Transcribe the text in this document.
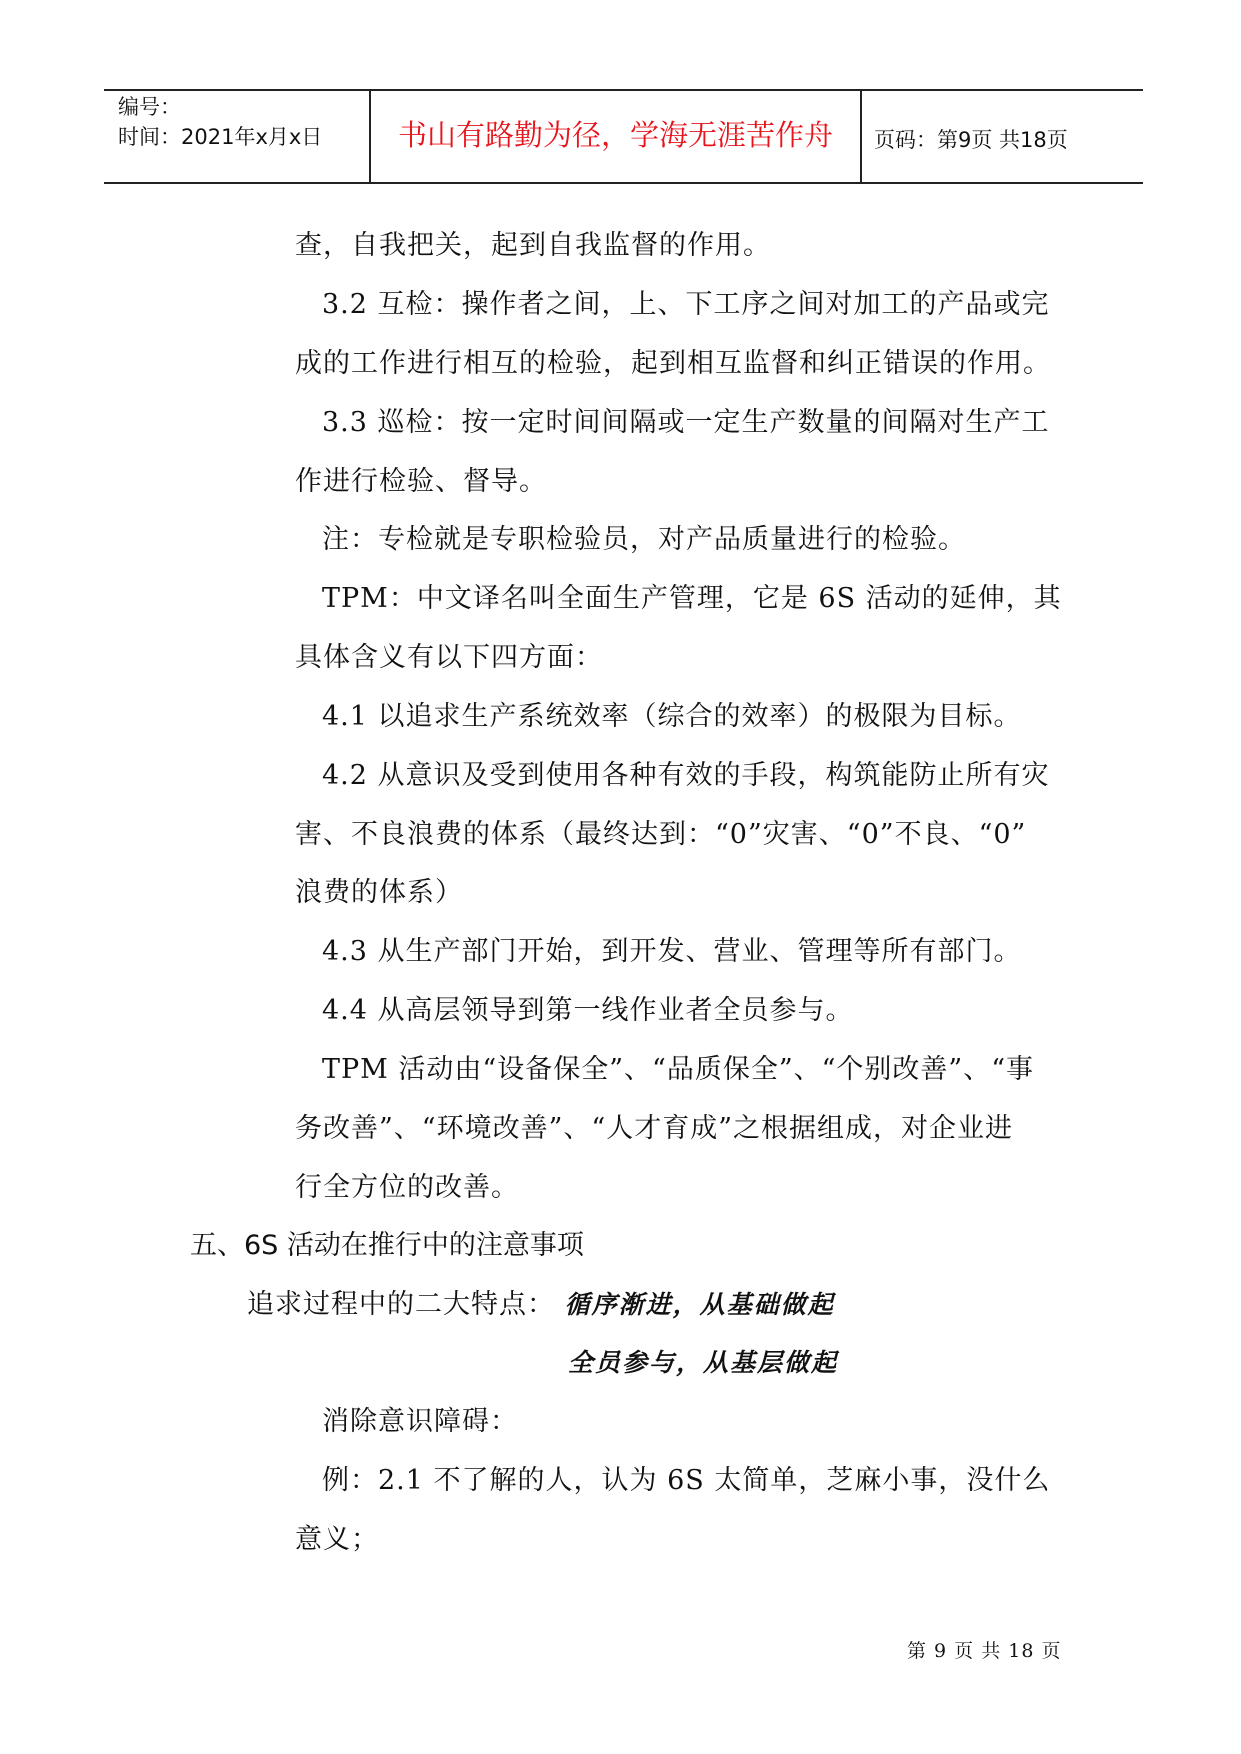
编号：
时间：2021年x月x日	书山有路勤为径，学海无涯苦作舟	页码：第9页 共18页
查，自我把关，起到自我监督的作用。
3.2 互检：操作者之间，上、下工序之间对加工的产品或完
成的工作进行相互的检验，起到相互监督和纠正错误的作用。
3.3 巡检：按一定时间间隔或一定生产数量的间隔对生产工
作进行检验、督导。
注：专检就是专职检验员，对产品质量进行的检验。
TPM：中文译名叫全面生产管理，它是 6S 活动的延伸，其
具体含义有以下四方面：
4.1 以追求生产系统效率（综合的效率）的极限为目标。
4.2 从意识及受到使用各种有效的手段，构筑能防止所有灾
害、不良浪费的体系（最终达到：“0”灾害、“0”不良、“0”
浪费的体系）
4.3 从生产部门开始，到开发、营业、管理等所有部门。
4.4 从高层领导到第一线作业者全员参与。
TPM 活动由“设备保全”、“品质保全”、“个别改善”、“事
务改善”、“环境改善”、“人才育成”之根据组成，对企业进
行全方位的改善。
五、6S 活动在推行中的注意事项
追求过程中的二大特点： 循序渐进，从基础做起
全员参与，从基层做起
消除意识障碍：
例：2.1 不了解的人，认为 6S 太简单，芝麻小事，没什么
意义；
第 9 页 共 18 页
